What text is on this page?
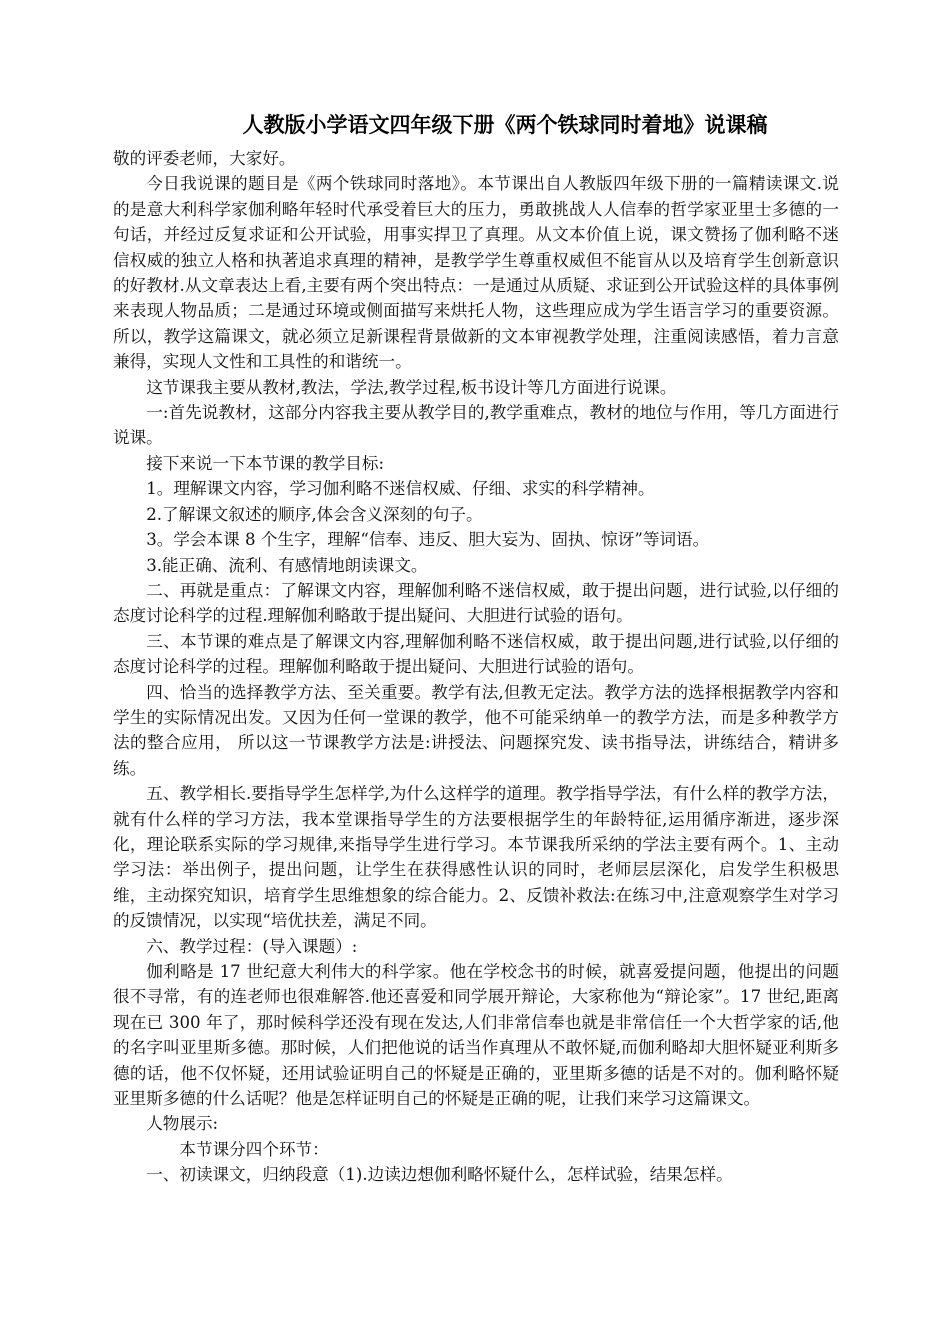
人教版小学语文四年级下册《两个铁球同时着地》说课稿

敬的评委老师，大家好。

今日我说课的题目是《两个铁球同时落地》。本节课出自人教版四年级下册的一篇精读课文.说的是意大利科学家伽利略年轻时代承受着巨大的压力，勇敢挑战人人信奉的哲学家亚里士多德的一句话，并经过反复求证和公开试验，用事实捍卫了真理。从文本价值上说，课文赞扬了伽利略不迷信权威的独立人格和执著追求真理的精神，是教学学生尊重权威但不能盲从以及培育学生创新意识的好教材.从文章表达上看,主要有两个突出特点：一是通过从质疑、求证到公开试验这样的具体事例来表现人物品质；二是通过环境或侧面描写来烘托人物，这些理应成为学生语言学习的重要资源。所以，教学这篇课文，就必须立足新课程背景做新的文本审视教学处理，注重阅读感悟，着力言意兼得，实现人文性和工具性的和谐统一。

这节课我主要从教材,教法，学法,教学过程,板书设计等几方面进行说课。

一:首先说教材，这部分内容我主要从教学目的,教学重难点，教材的地位与作用，等几方面进行说课。

接下来说一下本节课的教学目标:

1。理解课文内容，学习伽利略不迷信权威、仔细、求实的科学精神。

2.了解课文叙述的顺序,体会含义深刻的句子。

3。学会本课 8 个生字，理解“信奉、违反、胆大妄为、固执、惊讶”等词语。

3.能正确、流利、有感情地朗读课文。

二、再就是重点：了解课文内容，理解伽利略不迷信权威，敢于提出问题，进行试验,以仔细的态度讨论科学的过程.理解伽利略敢于提出疑问、大胆进行试验的语句。

三、本节课的难点是了解课文内容,理解伽利略不迷信权威，敢于提出问题,进行试验,以仔细的态度讨论科学的过程。理解伽利略敢于提出疑问、大胆进行试验的语句。

四、恰当的选择教学方法、至关重要。教学有法,但教无定法。教学方法的选择根据教学内容和学生的实际情况出发。又因为任何一堂课的教学，他不可能采纳单一的教学方法，而是多种教学方法的整合应用， 所以这一节课教学方法是:讲授法、问题探究发、读书指导法，讲练结合，精讲多练。

五、教学相长.要指导学生怎样学,为什么这样学的道理。教学指导学法，有什么样的教学方法，就有什么样的学习方法，我本堂课指导学生的方法要根据学生的年龄特征,运用循序渐进，逐步深化，理论联系实际的学习规律,来指导学生进行学习。本节课我所采纳的学法主要有两个。1、主动学习法：举出例子，提出问题，让学生在获得感性认识的同时，老师层层深化，启发学生积极思维，主动探究知识，培育学生思维想象的综合能力。2、反馈补救法:在练习中,注意观察学生对学习的反馈情况，以实现“培优扶差，满足不同。

六、教学过程：(导入课题）:

伽利略是 17 世纪意大利伟大的科学家。他在学校念书的时候，就喜爱提问题，他提出的问题很不寻常，有的连老师也很难解答.他还喜爱和同学展开辩论，大家称他为“辩论家”。17 世纪,距离现在已 300 年了，那时候科学还没有现在发达,人们非常信奉也就是非常信任一个大哲学家的话,他的名字叫亚里斯多德。那时候，人们把他说的话当作真理从不敢怀疑,而伽利略却大胆怀疑亚利斯多德的话，他不仅怀疑，还用试验证明自己的怀疑是正确的，亚里斯多德的话是不对的。伽利略怀疑亚里斯多德的什么话呢？他是怎样证明自己的怀疑是正确的呢，让我们来学习这篇课文。

人物展示:

本节课分四个环节：

一、初读课文，归纳段意（1).边读边想伽利略怀疑什么，怎样试验，结果怎样。
